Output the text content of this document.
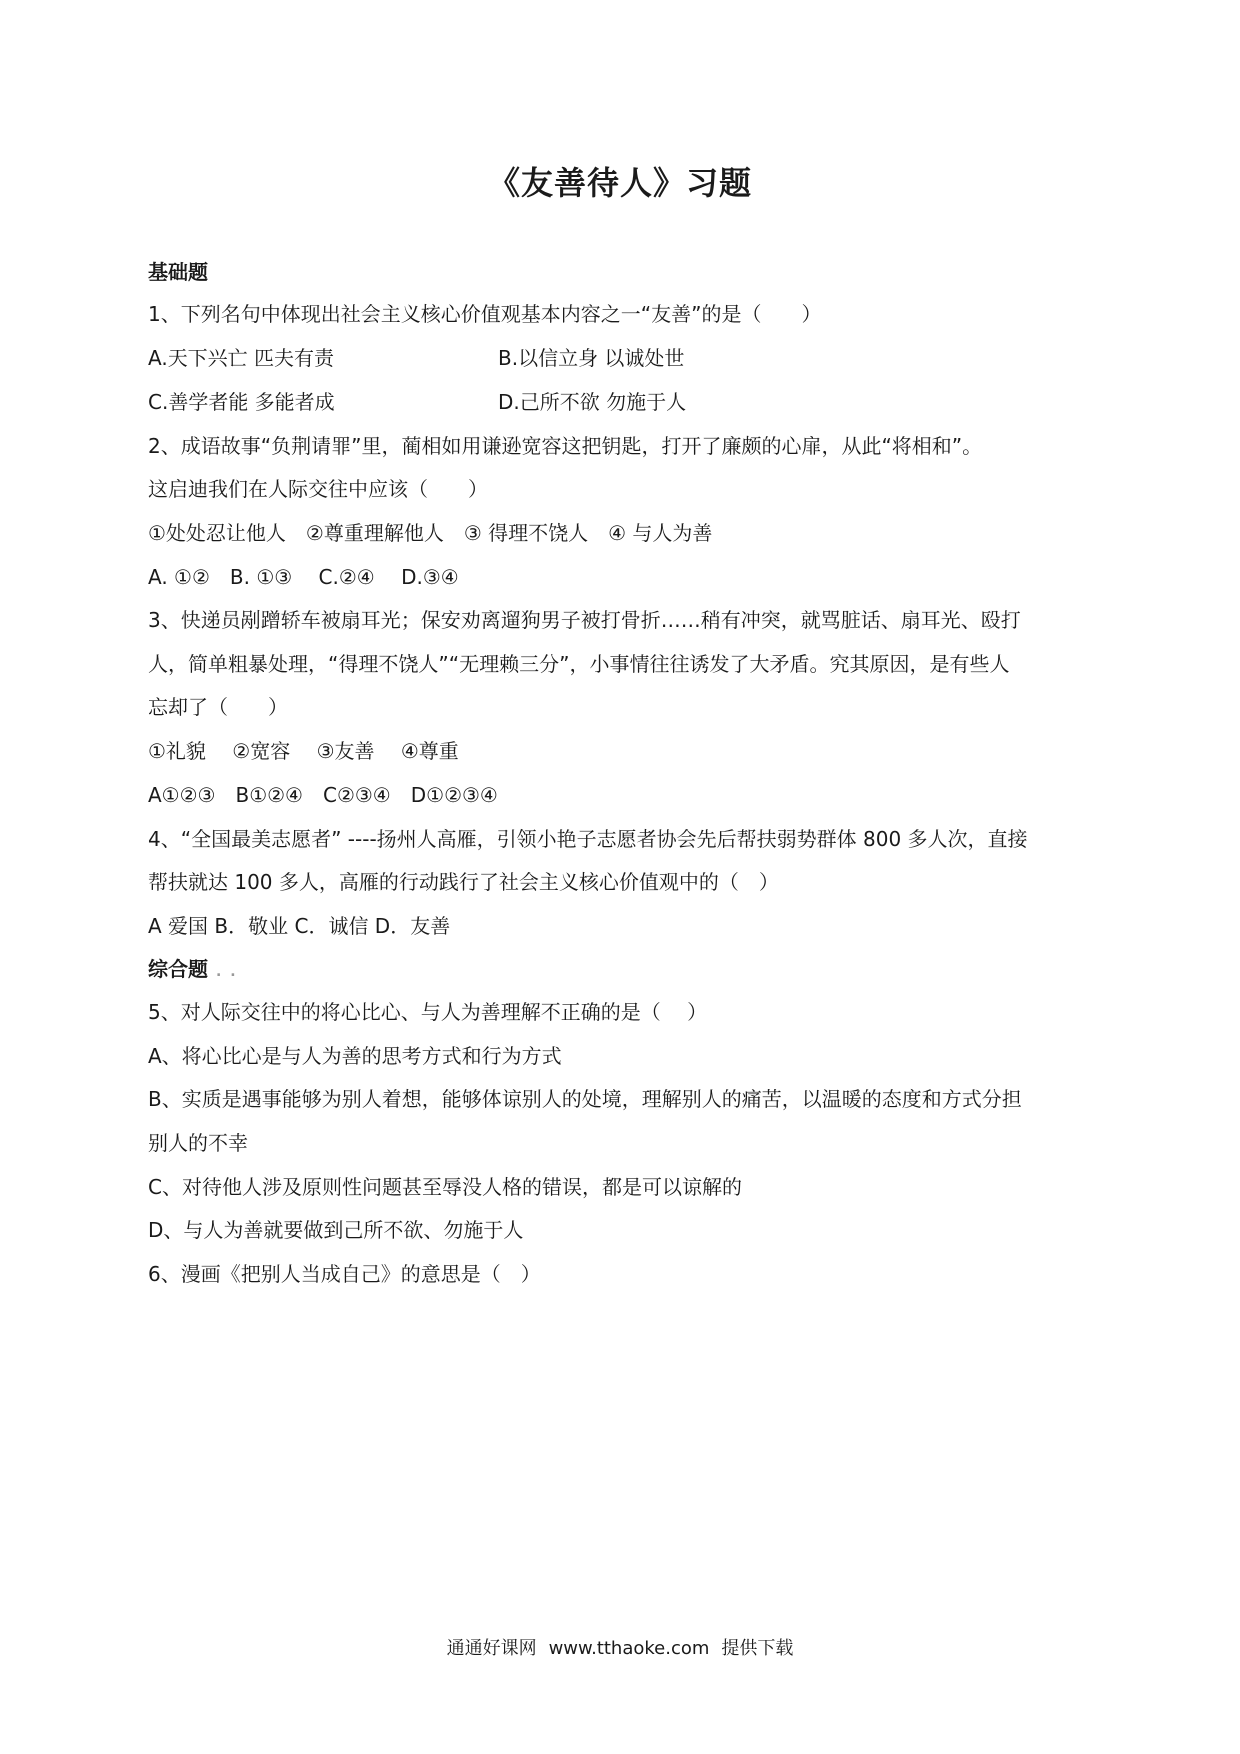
《友善待人》习题
基础题
1、下列名句中体现出社会主义核心价值观基本内容之一“友善”的是（　　）
A.天下兴亡 匹夫有责	B.以信立身 以诚处世
C.善学者能 多能者成	D.己所不欲 勿施于人
2、成语故事“负荆请罪”里，蔺相如用谦逊宽容这把钥匙，打开了廉颇的心扉，从此“将相和”。
这启迪我们在人际交往中应该（　　）
①处处忍让他人　②尊重理解他人　③ 得理不饶人　④ 与人为善
A. ①②　B. ①③　 C.②④　 D.③④
3、快递员剐蹭轿车被扇耳光；保安劝离遛狗男子被打骨折……稍有冲突，就骂脏话、扇耳光、殴打
人，简单粗暴处理，“得理不饶人”“无理赖三分”，小事情往往诱发了大矛盾。究其原因，是有些人
忘却了（　　）
①礼貌　 ②宽容　 ③友善　 ④尊重
A①②③　B①②④　C②③④　D①②③④
4、“全国最美志愿者” ----扬州人高雁，引领小艳子志愿者协会先后帮扶弱势群体 800 多人次，直接
帮扶就达 100 多人，高雁的行动践行了社会主义核心价值观中的（　）
A 爱国 B．敬业 C．诚信 D．友善
综合题 . .
5、对人际交往中的将心比心、与人为善理解不正确的是（　 ）
A、将心比心是与人为善的思考方式和行为方式
B、实质是遇事能够为别人着想，能够体谅别人的处境，理解别人的痛苦，以温暖的态度和方式分担
别人的不幸
C、对待他人涉及原则性问题甚至辱没人格的错误，都是可以谅解的
D、与人为善就要做到己所不欲、勿施于人
6、漫画《把别人当成自己》的意思是（　）
通通好课网 www.tthaoke.com 提供下载
